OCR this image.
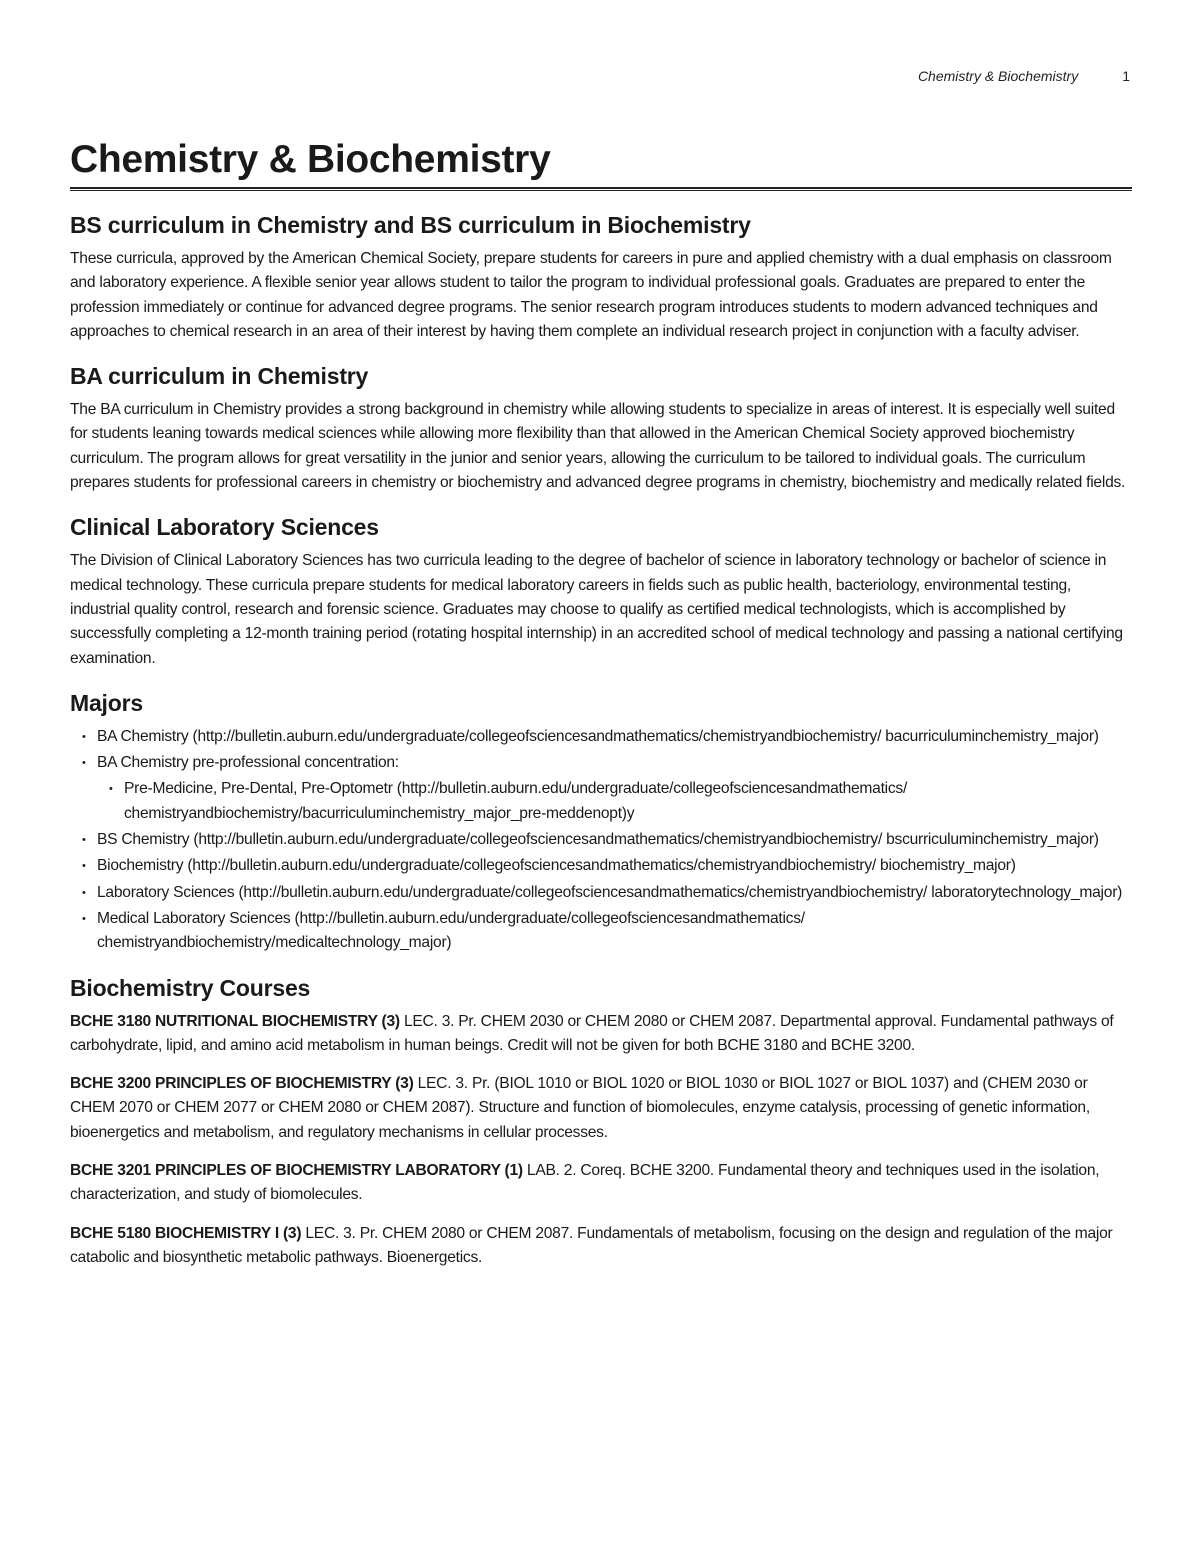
Chemistry & Biochemistry	1
Chemistry & Biochemistry
BS curriculum in Chemistry and BS curriculum in Biochemistry

These curricula, approved by the American Chemical Society, prepare students for careers in pure and applied chemistry with a dual emphasis on classroom and laboratory experience. A flexible senior year allows student to tailor the program to individual professional goals. Graduates are prepared to enter the profession immediately or continue for advanced degree programs. The senior research program introduces students to modern advanced techniques and approaches to chemical research in an area of their interest by having them complete an individual research project in conjunction with a faculty adviser.

BA curriculum in Chemistry

The BA curriculum in Chemistry provides a strong background in chemistry while allowing students to specialize in areas of interest. It is especially well suited for students leaning towards medical sciences while allowing more flexibility than that allowed in the American Chemical Society approved biochemistry curriculum. The program allows for great versatility in the junior and senior years, allowing the curriculum to be tailored to individual goals. The curriculum prepares students for professional careers in chemistry or biochemistry and advanced degree programs in chemistry, biochemistry and medically related fields.

Clinical Laboratory Sciences

The Division of Clinical Laboratory Sciences has two curricula leading to the degree of bachelor of science in laboratory technology or bachelor of science in medical technology. These curricula prepare students for medical laboratory careers in fields such as public health, bacteriology, environmental testing, industrial quality control, research and forensic science. Graduates may choose to qualify as certified medical technologists, which is accomplished by successfully completing a 12-month training period (rotating hospital internship) in an accredited school of medical technology and passing a national certifying examination.

Majors
• BA Chemistry (http://bulletin.auburn.edu/undergraduate/collegeofsciencesandmathematics/chemistryandbiochemistry/ bacurriculuminchemistry_major)
• BA Chemistry pre-professional concentration:
• Pre-Medicine, Pre-Dental, Pre-Optometr (http://bulletin.auburn.edu/undergraduate/collegeofsciencesandmathematics/ chemistryandbiochemistry/bacurriculuminchemistry_major_pre-meddenopt)y
• BS Chemistry (http://bulletin.auburn.edu/undergraduate/collegeofsciencesandmathematics/chemistryandbiochemistry/ bscurriculuminchemistry_major)
• Biochemistry (http://bulletin.auburn.edu/undergraduate/collegeofsciencesandmathematics/chemistryandbiochemistry/ biochemistry_major)
• Laboratory Sciences (http://bulletin.auburn.edu/undergraduate/collegeofsciencesandmathematics/chemistryandbiochemistry/ laboratorytechnology_major)
• Medical Laboratory Sciences (http://bulletin.auburn.edu/undergraduate/collegeofsciencesandmathematics/ chemistryandbiochemistry/medicaltechnology_major)
Biochemistry Courses

BCHE 3180 NUTRITIONAL BIOCHEMISTRY (3) LEC. 3. Pr. CHEM 2030 or CHEM 2080 or CHEM 2087. Departmental approval. Fundamental pathways of carbohydrate, lipid, and amino acid metabolism in human beings. Credit will not be given for both BCHE 3180 and BCHE 3200.

BCHE 3200 PRINCIPLES OF BIOCHEMISTRY (3) LEC. 3. Pr. (BIOL 1010 or BIOL 1020 or BIOL 1030 or BIOL 1027 or BIOL 1037) and (CHEM 2030 or CHEM 2070 or CHEM 2077 or CHEM 2080 or CHEM 2087). Structure and function of biomolecules, enzyme catalysis, processing of genetic information, bioenergetics and metabolism, and regulatory mechanisms in cellular processes.

BCHE 3201 PRINCIPLES OF BIOCHEMISTRY LABORATORY (1) LAB. 2. Coreq. BCHE 3200. Fundamental theory and techniques used in the isolation, characterization, and study of biomolecules.

BCHE 5180 BIOCHEMISTRY I (3) LEC. 3. Pr. CHEM 2080 or CHEM 2087. Fundamentals of metabolism, focusing on the design and regulation of the major catabolic and biosynthetic metabolic pathways. Bioenergetics.
